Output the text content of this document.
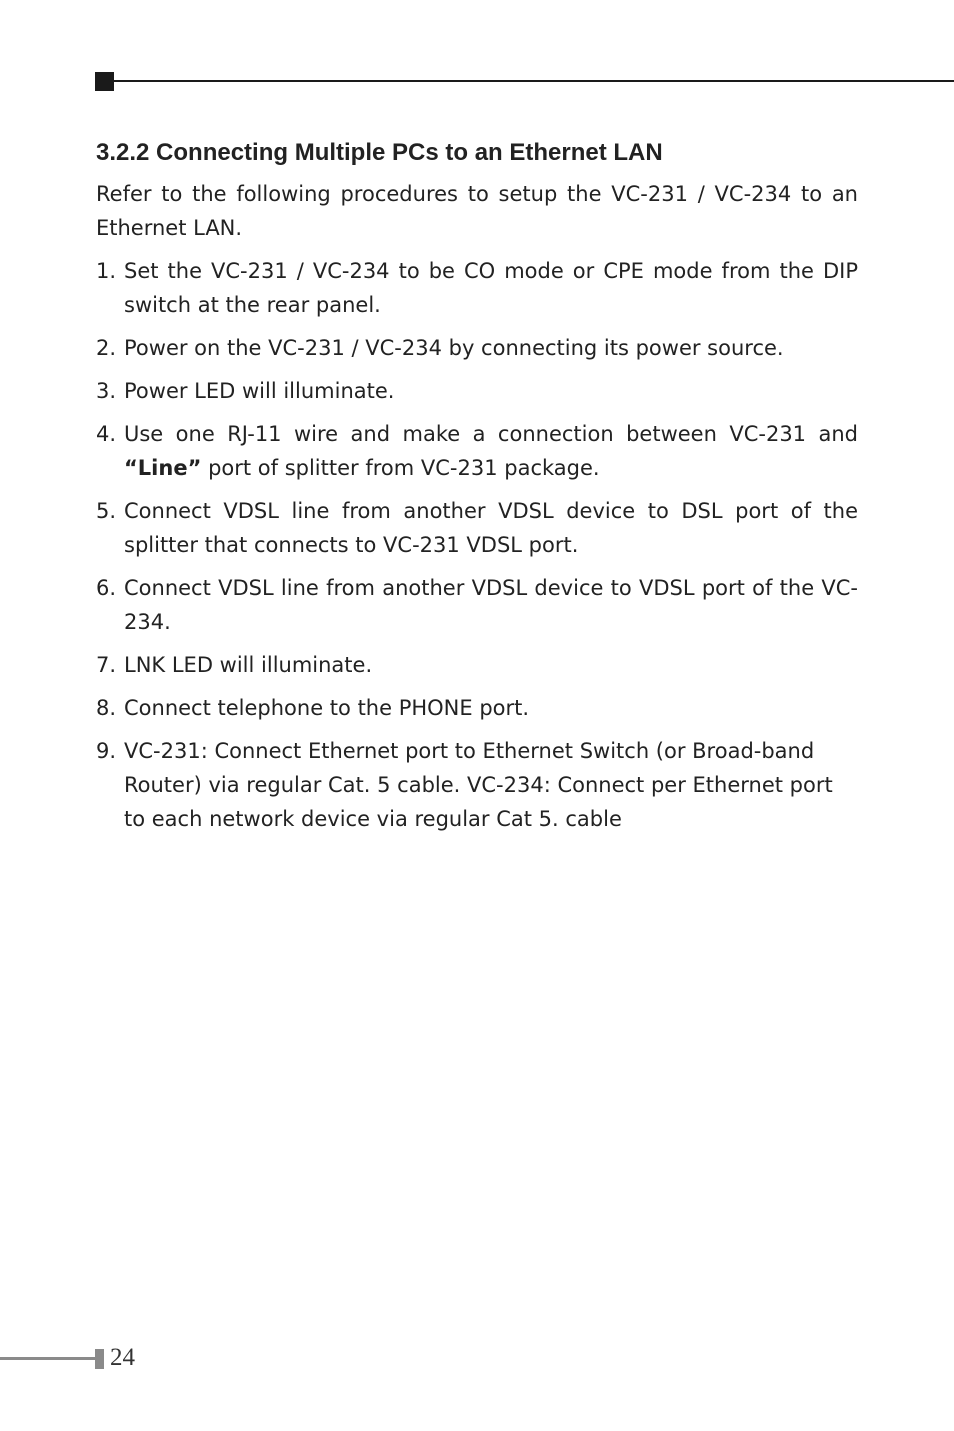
3.2.2 Connecting Multiple PCs to an Ethernet LAN

Refer to the following procedures to setup the VC-231 / VC-234 to an Ethernet LAN.

1. Set the VC-231 / VC-234 to be CO mode or CPE mode from the DIP switch at the rear panel.
2. Power on the VC-231 / VC-234 by connecting its power source.
3. Power LED will illuminate.
4. Use one RJ-11 wire and make a connection between VC-231 and “Line” port of splitter from VC-231 package.
5. Connect VDSL line from another VDSL device to DSL port of the splitter that connects to VC-231 VDSL port.
6. Connect VDSL line from another VDSL device to VDSL port of the VC-234.
7. LNK LED will illuminate.
8. Connect telephone to the PHONE port.
9. VC-231: Connect Ethernet port to Ethernet Switch (or Broad-band Router) via regular Cat. 5 cable. VC-234: Connect per Ethernet port to each network device via regular Cat 5. cable
24
